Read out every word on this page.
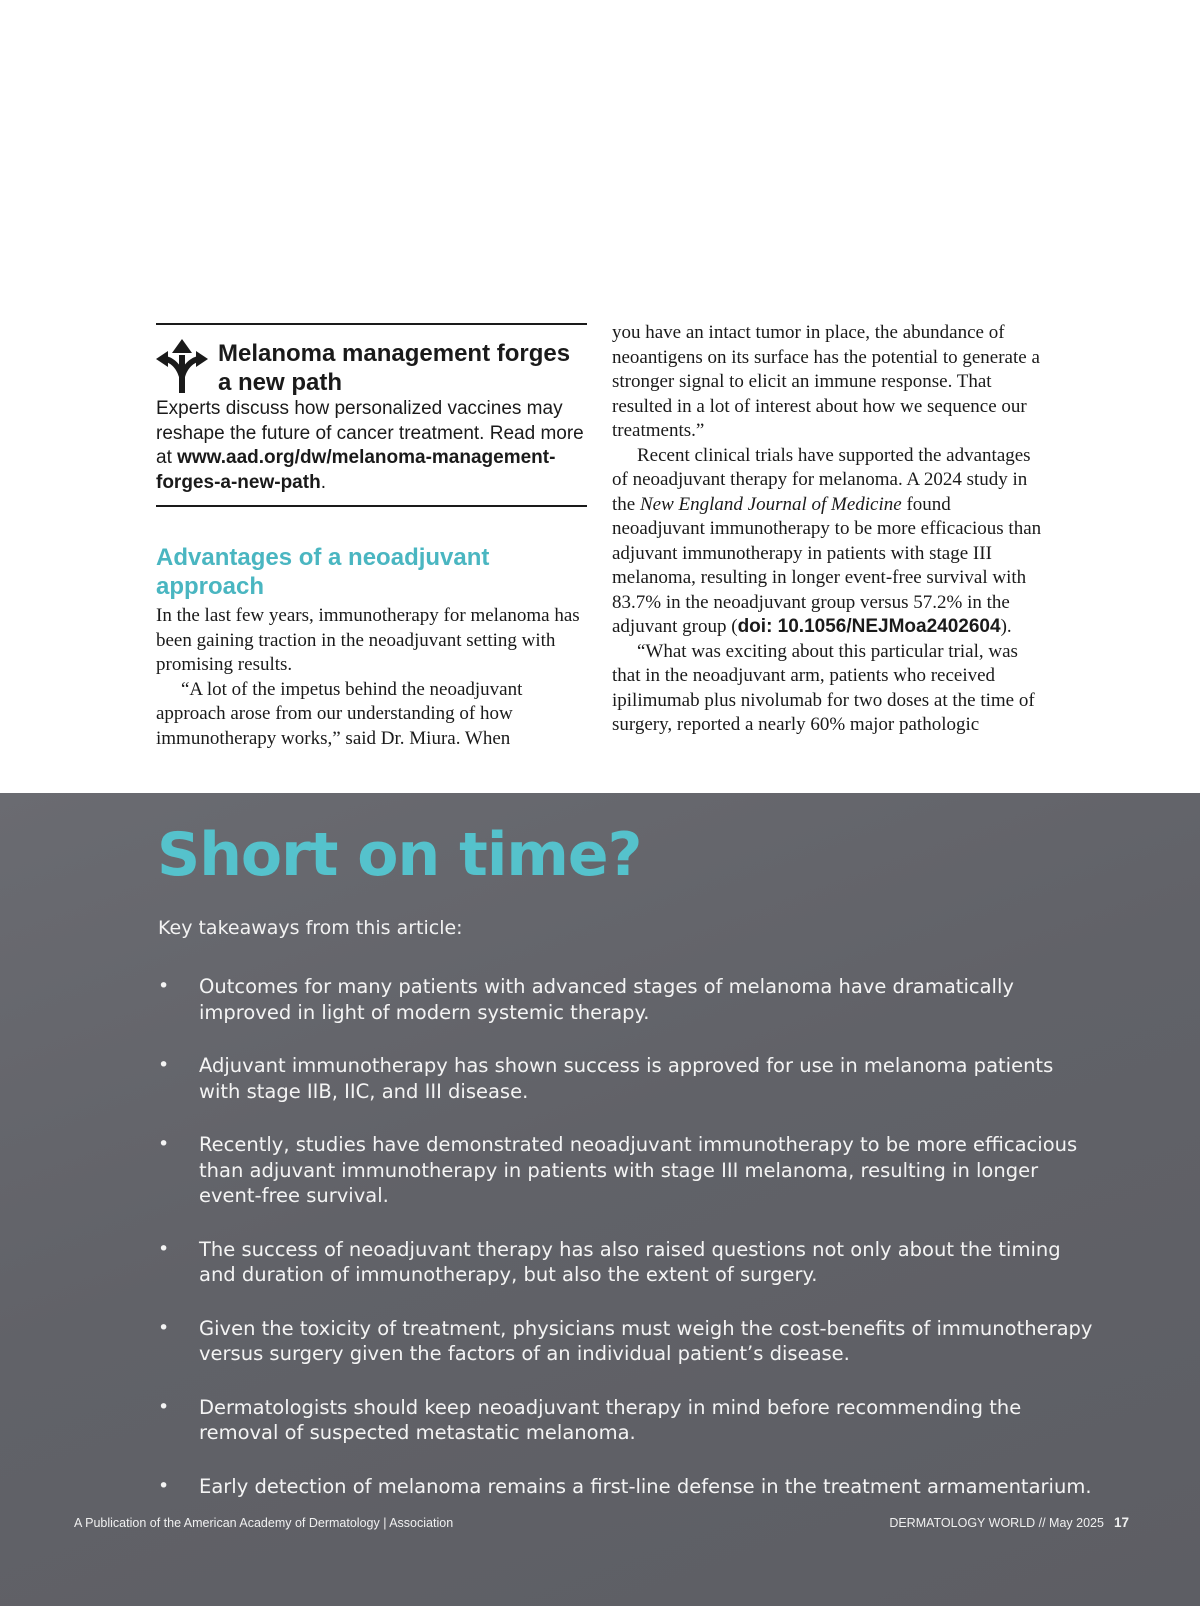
Melanoma management forges a new path
Experts discuss how personalized vaccines may reshape the future of cancer treatment. Read more at www.aad.org/dw/melanoma-management-forges-a-new-path.
Advantages of a neoadjuvant approach

In the last few years, immunotherapy for melanoma has been gaining traction in the neoadjuvant setting with promising results.

“A lot of the impetus behind the neoadjuvant approach arose from our understanding of how immunotherapy works,” said Dr. Miura. When

you have an intact tumor in place, the abundance of neoantigens on its surface has the potential to generate a stronger signal to elicit an immune response. That resulted in a lot of interest about how we sequence our treatments.”

Recent clinical trials have supported the advantages of neoadjuvant therapy for melanoma. A 2024 study in the New England Journal of Medicine found neoadjuvant immunotherapy to be more efficacious than adjuvant immunotherapy in patients with stage III melanoma, resulting in longer event-free survival with 83.7% in the neoadjuvant group versus 57.2% in the adjuvant group (doi: 10.1056/NEJMoa2402604).

“What was exciting about this particular trial, was that in the neoadjuvant arm, patients who received ipilimumab plus nivolumab for two doses at the time of surgery, reported a nearly 60% major pathologic

Short on time?
Key takeaways from this article:
• Outcomes for many patients with advanced stages of melanoma have dramatically improved in light of modern systemic therapy.
• Adjuvant immunotherapy has shown success is approved for use in melanoma patients with stage IIB, IIC, and III disease.
• Recently, studies have demonstrated neoadjuvant immunotherapy to be more efficacious than adjuvant immunotherapy in patients with stage III melanoma, resulting in longer event-free survival.
• The success of neoadjuvant therapy has also raised questions not only about the timing and duration of immunotherapy, but also the extent of surgery.
• Given the toxicity of treatment, physicians must weigh the cost-benefits of immunotherapy versus surgery given the factors of an individual patient’s disease.
• Dermatologists should keep neoadjuvant therapy in mind before recommending the removal of suspected metastatic melanoma.
• Early detection of melanoma remains a first-line defense in the treatment armamentarium.
A Publication of the American Academy of Dermatology | Association	DERMATOLOGY WORLD // May 2025 17
